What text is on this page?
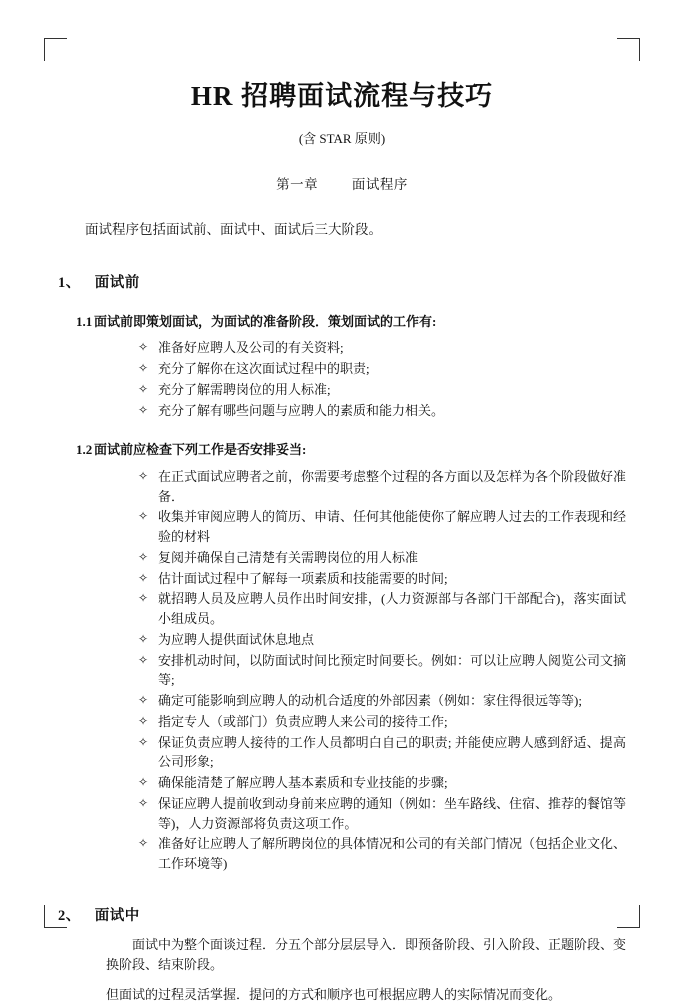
HR 招聘面试流程与技巧
(含 STAR 原则)
第一章	面试程序

面试程序包括面试前、面试中、面试后三大阶段。

1、 面试前
1.1 面试前即策划面试，为面试的准备阶段．策划面试的工作有:
✧ 准备好应聘人及公司的有关资料;
✧ 充分了解你在这次面试过程中的职责;
✧ 充分了解需聘岗位的用人标准;
✧ 充分了解有哪些问题与应聘人的素质和能力相关。
1.2 面试前应检查下列工作是否安排妥当:
✧ 在正式面试应聘者之前，你需要考虑整个过程的各方面以及怎样为各个阶段做好准备．
✧ 收集并审阅应聘人的简历、申请、任何其他能使你了解应聘人过去的工作表现和经验的材料
✧ 复阅并确保自己清楚有关需聘岗位的用人标准
✧ 估计面试过程中了解每一项素质和技能需要的时间;
✧ 就招聘人员及应聘人员作出时间安排，(人力资源部与各部门干部配合)，落实面试小组成员。
✧ 为应聘人提供面试休息地点
✧ 安排机动时间，以防面试时间比预定时间要长。例如：可以让应聘人阅览公司文摘等;
✧ 确定可能影响到应聘人的动机合适度的外部因素（例如：家住得很远等等);
✧ 指定专人（或部门）负责应聘人来公司的接待工作;
✧ 保证负责应聘人接待的工作人员都明白自己的职责; 并能使应聘人感到舒适、提高公司形象;
✧ 确保能清楚了解应聘人基本素质和专业技能的步骤;
✧ 保证应聘人提前收到动身前来应聘的通知（例如：坐车路线、住宿、推荐的餐馆等等)，人力资源部将负责这项工作。
✧ 准备好让应聘人了解所聘岗位的具体情况和公司的有关部门情况（包括企业文化、工作环境等)
2、 面试中

面试中为整个面谈过程．分五个部分层层导入．即预备阶段、引入阶段、正题阶段、变换阶段、结束阶段。

但面试的过程灵活掌握．提问的方式和顺序也可根据应聘人的实际情况而变化。
